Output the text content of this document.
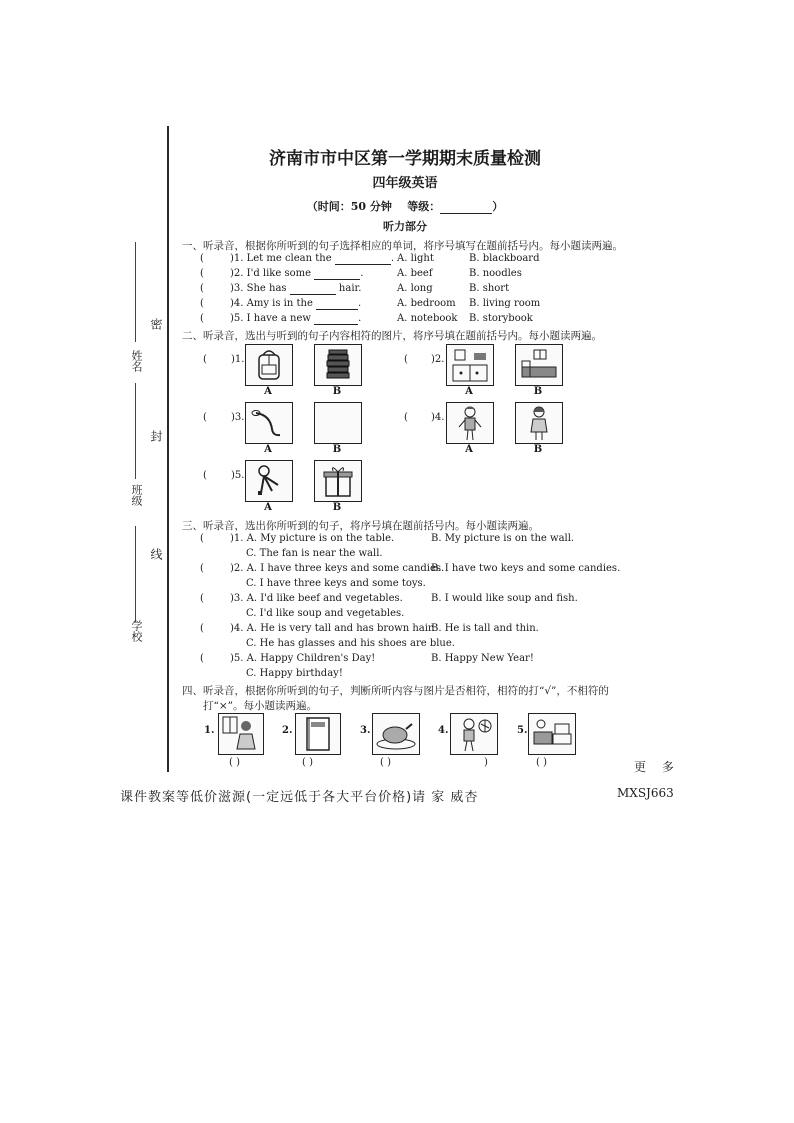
姓名
密
班级
封
学校
线
济南市市中区第一学期期末质量检测
四年级英语
（时间：50 分钟 等级：	）
听力部分
一、听录音，根据你所听到的句子选择相应的单词，将序号填写在题前括号内。每小题读两遍。
(	)1. Let me clean the	. A. light	B. blackboard
(	)2. I'd like some	.	A. beef	B. noodles
(	)3. She has	hair.	A. long	B. short
(	)4. Amy is in the	.	A. bedroom B. living room
(	)5. I have a new	.	A. notebook B. storybook
二、听录音，选出与听到的句子内容相符的图片，将序号填在题前括号内。每小题读两遍。
( )1.
A	B
( )2.
A	B
( )3.
A	B
( )4.
A	B
( )5.
A	B
三、听录音，选出你所听到的句子，将序号填在题前括号内。每小题读两遍。
(	)1. A. My picture is on the table.	B. My picture is on the wall.
C. The fan is near the wall.
(	)2. A. I have three keys and some candies.
B. I have two keys and some candies.
C. I have three keys and some toys.
(	)3. A. I'd like beef and vegetables.	B. I would like soup and fish.
C. I'd like soup and vegetables.
(	)4. A. He is very tall and has brown hair.
B. He is tall and thin.
C. He has glasses and his shoes are blue.
(	)5. A. Happy Children's Day!	B. Happy New Year!
C. Happy birthday!
四、听录音，根据你所听到的句子，判断所听内容与图片是否相符，相符的打“√”，不相符的
打“×”。每小题读两遍。
1.
( )
2.
( )
3.
( )
4.
)
5.
( )	更 多
课件教案等低价滋源(一定远低于各大平台价格)请 家 威杏	MXSJ663
